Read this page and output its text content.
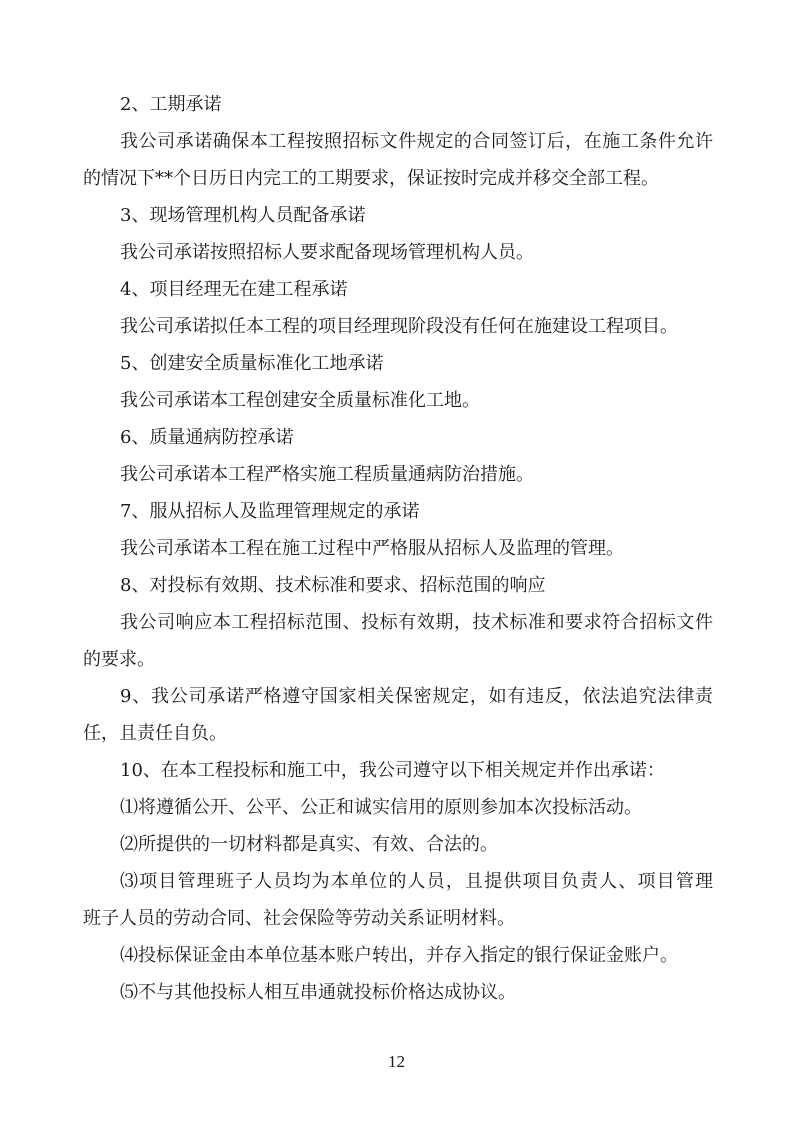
2、工期承诺
我公司承诺确保本工程按照招标文件规定的合同签订后，在施工条件允许
的情况下**个日历日内完工的工期要求，保证按时完成并移交全部工程。
3、现场管理机构人员配备承诺
我公司承诺按照招标人要求配备现场管理机构人员。
4、项目经理无在建工程承诺
我公司承诺拟任本工程的项目经理现阶段没有任何在施建设工程项目。
5、创建安全质量标准化工地承诺
我公司承诺本工程创建安全质量标准化工地。
6、质量通病防控承诺
我公司承诺本工程严格实施工程质量通病防治措施。
7、服从招标人及监理管理规定的承诺
我公司承诺本工程在施工过程中严格服从招标人及监理的管理。
8、对投标有效期、技术标准和要求、招标范围的响应
我公司响应本工程招标范围、投标有效期，技术标准和要求符合招标文件
的要求。
9、我公司承诺严格遵守国家相关保密规定，如有违反，依法追究法律责
任，且责任自负。
10、在本工程投标和施工中，我公司遵守以下相关规定并作出承诺：
⑴将遵循公开、公平、公正和诚实信用的原则参加本次投标活动。
⑵所提供的一切材料都是真实、有效、合法的。
⑶项目管理班子人员均为本单位的人员，且提供项目负责人、项目管理
班子人员的劳动合同、社会保险等劳动关系证明材料。
⑷投标保证金由本单位基本账户转出，并存入指定的银行保证金账户。
⑸不与其他投标人相互串通就投标价格达成协议。
12
